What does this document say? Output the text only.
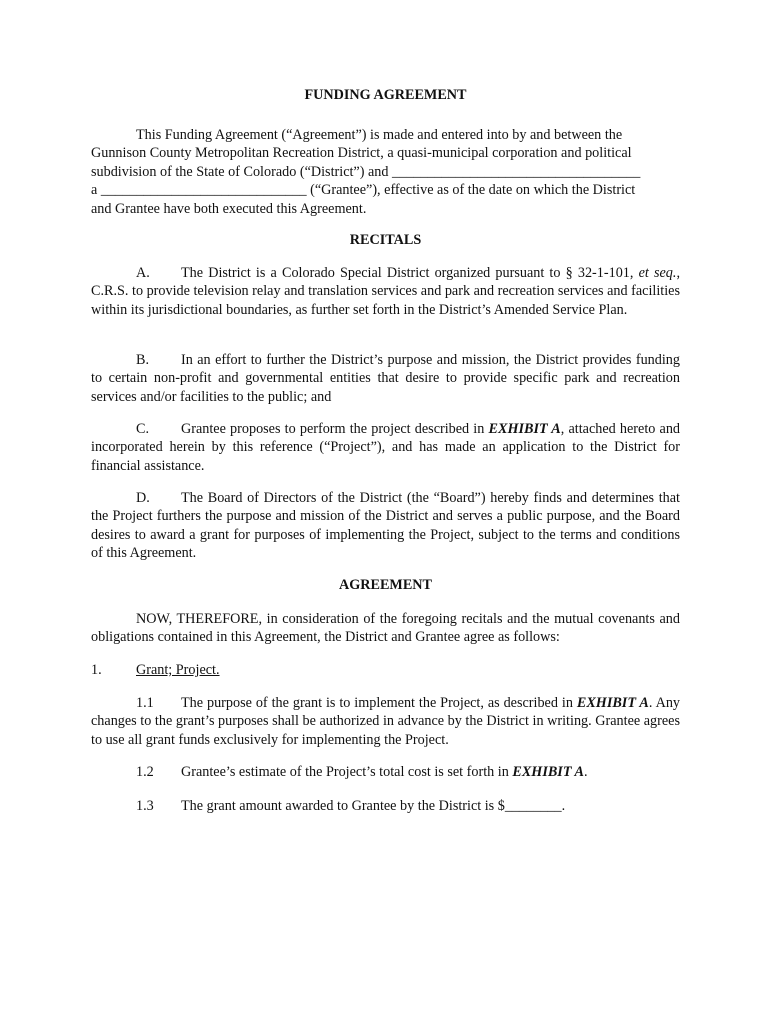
FUNDING AGREEMENT

This Funding Agreement (“Agreement”) is made and entered into by and between the
Gunnison County Metropolitan Recreation District, a quasi-municipal corporation and political
subdivision of the State of Colorado (“District”) and ___________________________________
a _____________________________ (“Grantee”), effective as of the date on which the District
and Grantee have both executed this Agreement.

RECITALS

A. The District is a Colorado Special District organized pursuant to § 32-1-101, et seq., C.R.S. to provide television relay and translation services and park and recreation services and facilities within its jurisdictional boundaries, as further set forth in the District’s Amended Service Plan.

B. In an effort to further the District’s purpose and mission, the District provides funding to certain non-profit and governmental entities that desire to provide specific park and recreation services and/or facilities to the public; and

C. Grantee proposes to perform the project described in EXHIBIT A, attached hereto and incorporated herein by this reference (“Project”), and has made an application to the District for financial assistance.

D. The Board of Directors of the District (the “Board”) hereby finds and determines that the Project furthers the purpose and mission of the District and serves a public purpose, and the Board desires to award a grant for purposes of implementing the Project, subject to the terms and conditions of this Agreement.

AGREEMENT

NOW, THEREFORE, in consideration of the foregoing recitals and the mutual covenants and obligations contained in this Agreement, the District and Grantee agree as follows:

1. Grant; Project.

1.1 The purpose of the grant is to implement the Project, as described in EXHIBIT A. Any changes to the grant’s purposes shall be authorized in advance by the District in writing. Grantee agrees to use all grant funds exclusively for implementing the Project.

1.2 Grantee’s estimate of the Project’s total cost is set forth in EXHIBIT A.

1.3 The grant amount awarded to Grantee by the District is $________.
